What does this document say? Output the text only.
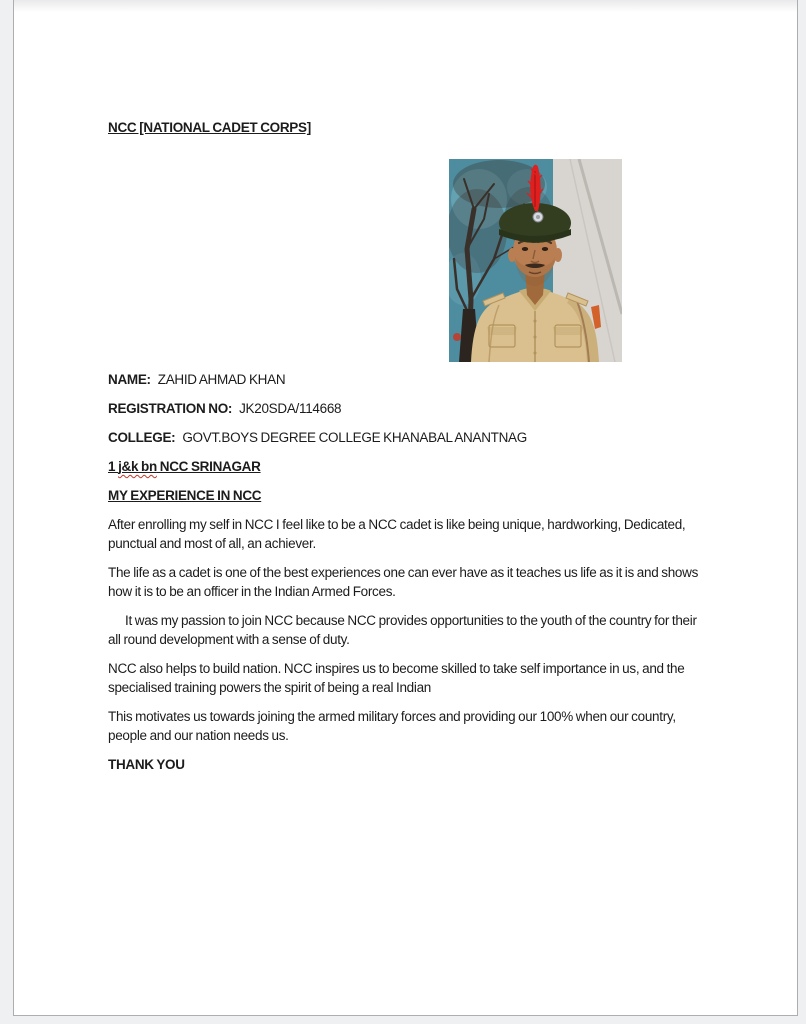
NCC [NATIONAL CADET CORPS]

NAME: ZAHID AHMAD KHAN

REGISTRATION NO: JK20SDA/114668

COLLEGE: GOVT.BOYS DEGREE COLLEGE KHANABAL ANANTNAG

1 j&k bn NCC SRINAGAR

MY EXPERIENCE IN NCC

After enrolling my self in NCC I feel like to be a NCC cadet is like being unique, hardworking, Dedicated, punctual and most of all, an achiever.

The life as a cadet is one of the best experiences one can ever have as it teaches us life as it is and shows how it is to be an officer in the Indian Armed Forces.

It was my passion to join NCC because NCC provides opportunities to the youth of the country for their all round development with a sense of duty.

NCC also helps to build nation. NCC inspires us to become skilled to take self importance in us, and the specialised training powers the spirit of being a real Indian

This motivates us towards joining the armed military forces and providing our 100% when our country, people and our nation needs us.

THANK YOU
